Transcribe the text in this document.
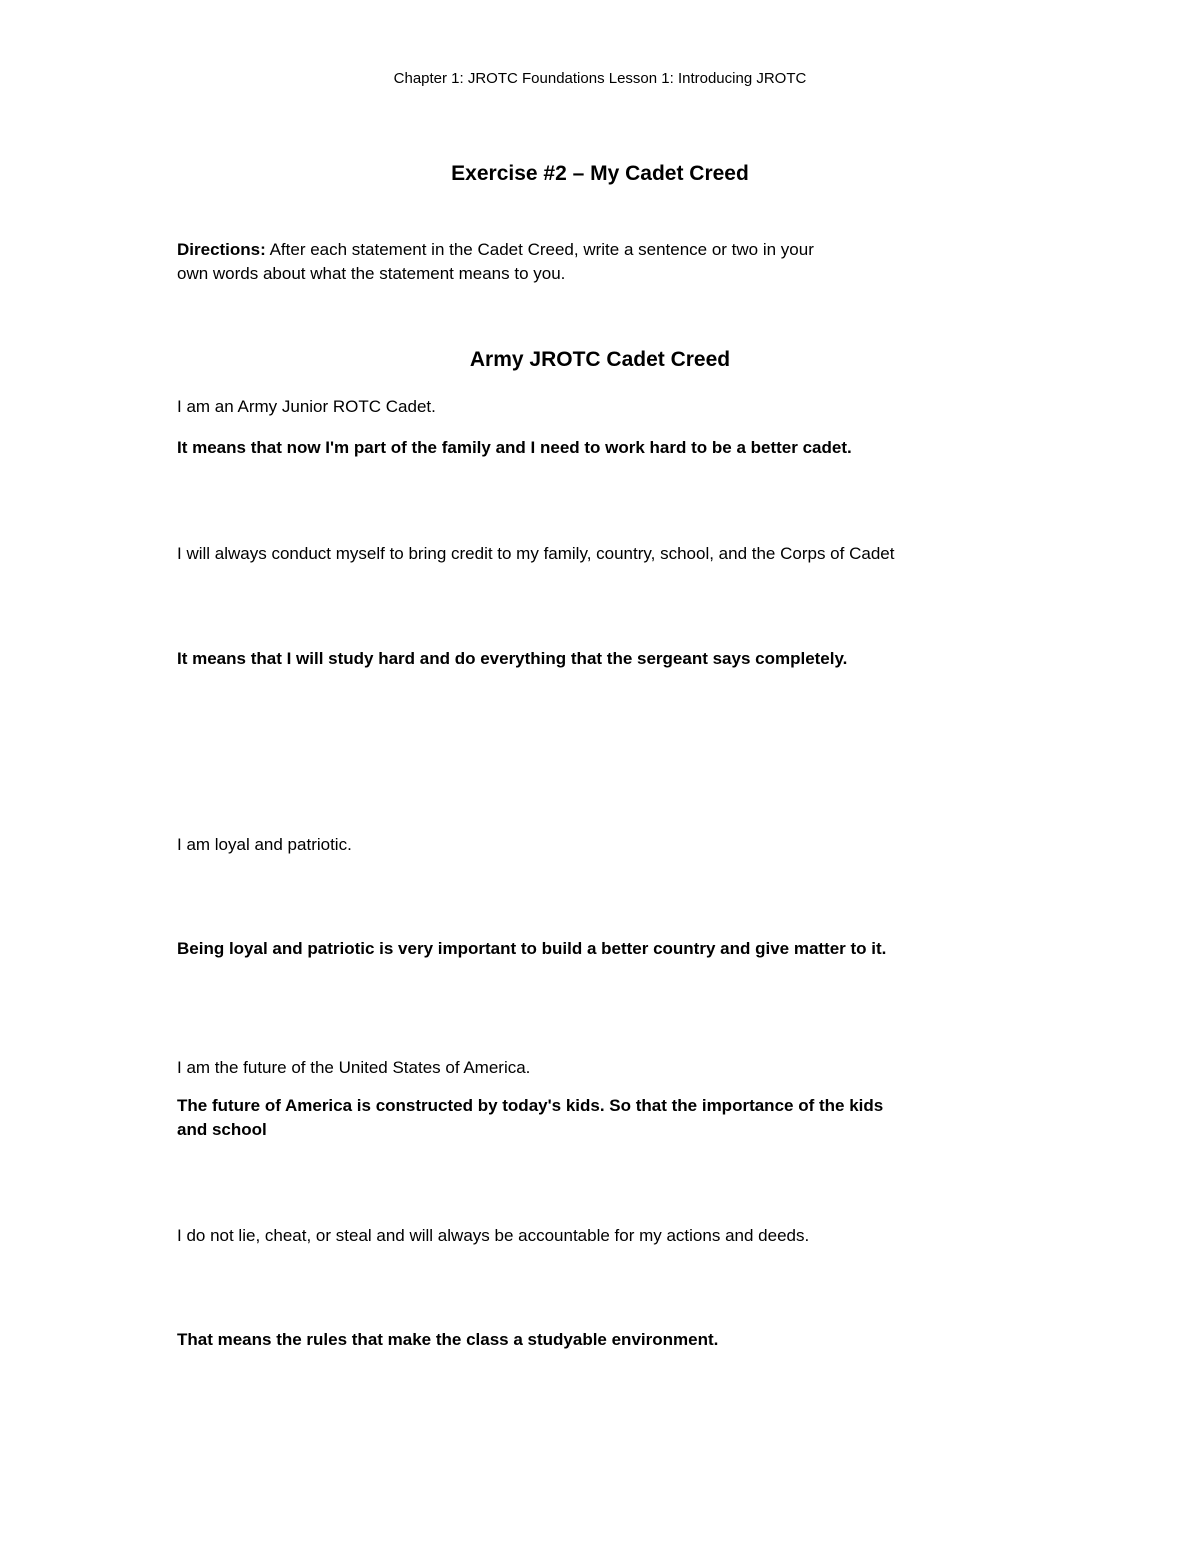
Chapter 1: JROTC Foundations Lesson 1: Introducing JROTC
Exercise #2 – My Cadet Creed
Directions: After each statement in the Cadet Creed, write a sentence or two in your
own words about what the statement means to you.
Army JROTC Cadet Creed
I am an Army Junior ROTC Cadet.
It means that now I'm part of the family and I need to work hard to be a better cadet.
I will always conduct myself to bring credit to my family, country, school, and the Corps of Cadet
It means that I will study hard and do everything that the sergeant says completely.
I am loyal and patriotic.
Being loyal and patriotic is very important to build a better country and give matter to it.
I am the future of the United States of America.
The future of America is constructed by today's kids. So that the importance of the kids
and school
I do not lie, cheat, or steal and will always be accountable for my actions and deeds.
That means the rules that make the class a studyable environment.
